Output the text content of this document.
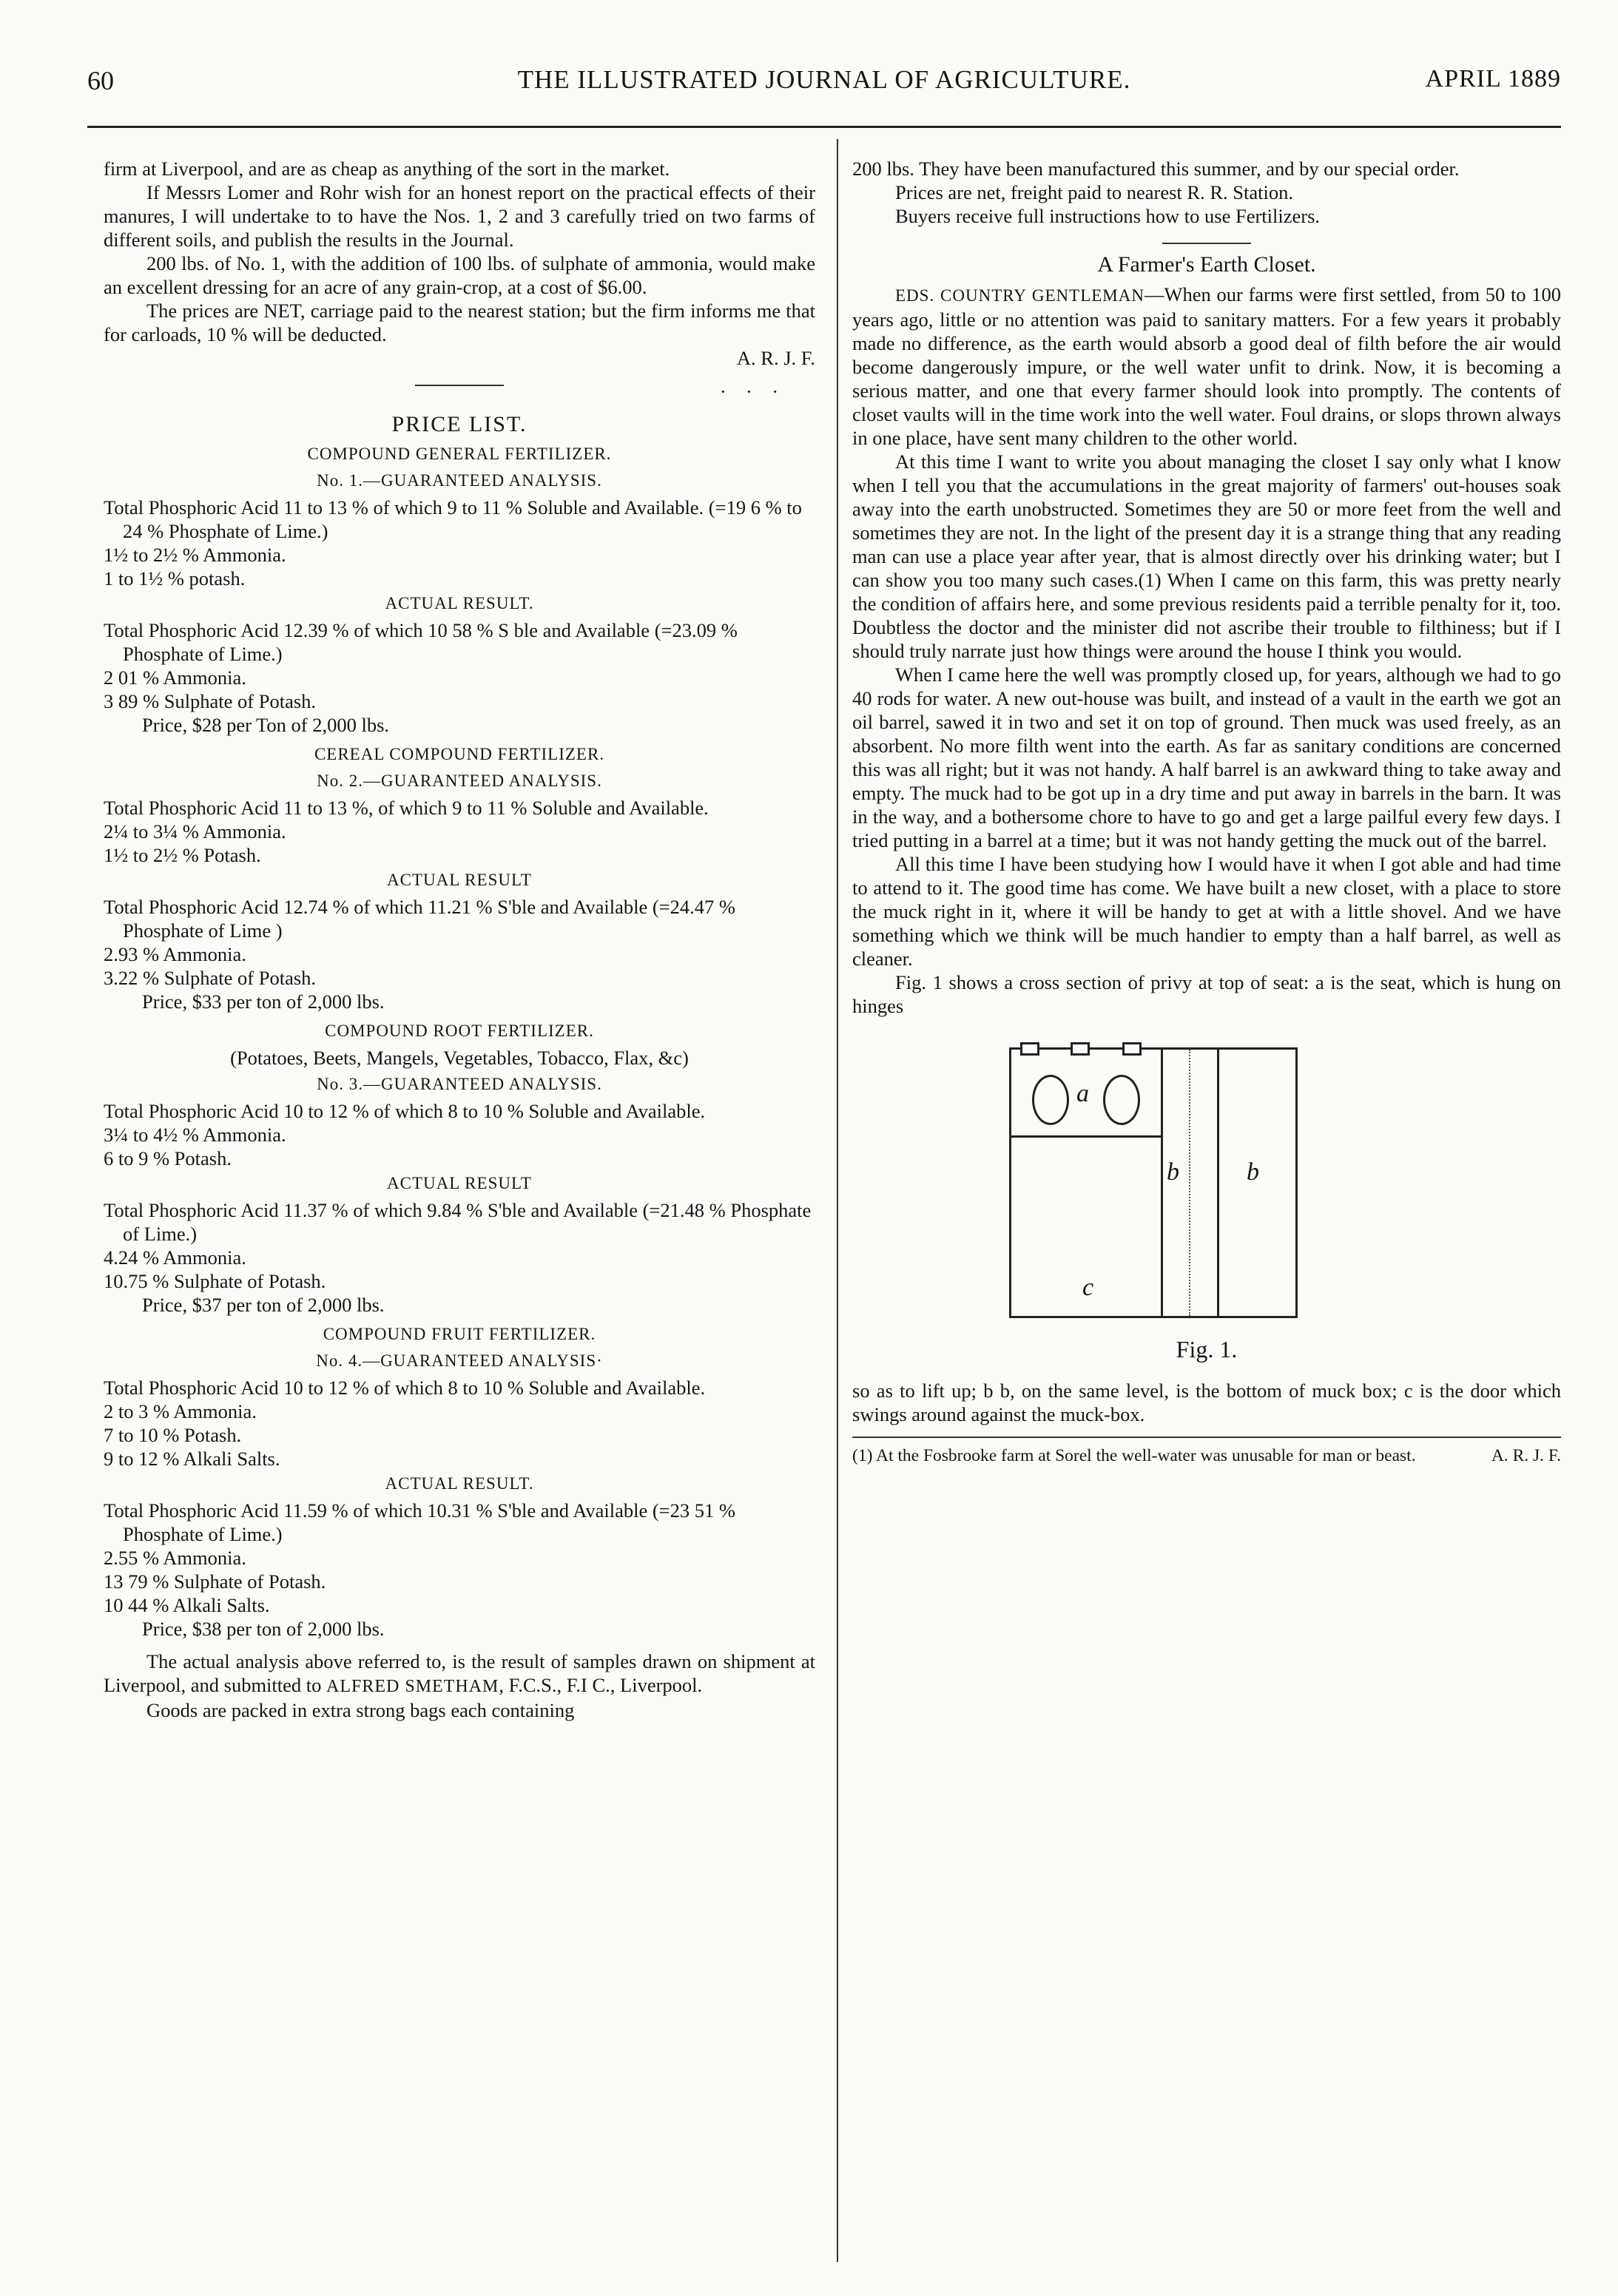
60	THE ILLUSTRATED JOURNAL OF AGRICULTURE.	APRIL 1889

firm at Liverpool, and are as cheap as anything of the sort in the market.

If Messrs Lomer and Rohr wish for an honest report on the practical effects of their manures, I will undertake to to have the Nos. 1, 2 and 3 carefully tried on two farms of different soils, and publish the results in the Journal.

200 lbs. of No. 1, with the addition of 100 lbs. of sulphate of ammonia, would make an excellent dressing for an acre of any grain-crop, at a cost of $6.00.

The prices are NET, carriage paid to the nearest station; but the firm informs me that for carloads, 10 % will be deducted.

A. R. J. F.

· · ·
PRICE LIST.
COMPOUND GENERAL FERTILIZER.
No. 1.—GUARANTEED ANALYSIS.
Total Phosphoric Acid 11 to 13 % of which 9 to 11 % Soluble and Available. (=19 6 % to 24 % Phosphate of Lime.)
1½ to 2½ % Ammonia.
1 to 1½ % potash.
ACTUAL RESULT.
Total Phosphoric Acid 12.39 % of which 10 58 % S ble and Available (=23.09 % Phosphate of Lime.)
2 01 % Ammonia.
3 89 % Sulphate of Potash.
Price, $28 per Ton of 2,000 lbs.
CEREAL COMPOUND FERTILIZER.
No. 2.—GUARANTEED ANALYSIS.
Total Phosphoric Acid 11 to 13 %, of which 9 to 11 % Soluble and Available.
2¼ to 3¼ % Ammonia.
1½ to 2½ % Potash.
ACTUAL RESULT
Total Phosphoric Acid 12.74 % of which 11.21 % S'ble and Available (=24.47 % Phosphate of Lime )
2.93 % Ammonia.
3.22 % Sulphate of Potash.
Price, $33 per ton of 2,000 lbs.
COMPOUND ROOT FERTILIZER.
(Potatoes, Beets, Mangels, Vegetables, Tobacco, Flax, &c)
No. 3.—GUARANTEED ANALYSIS.
Total Phosphoric Acid 10 to 12 % of which 8 to 10 % Soluble and Available.
3¼ to 4½ % Ammonia.
6 to 9 % Potash.
ACTUAL RESULT
Total Phosphoric Acid 11.37 % of which 9.84 % S'ble and Available (=21.48 % Phosphate of Lime.)
4.24 % Ammonia.
10.75 % Sulphate of Potash.
Price, $37 per ton of 2,000 lbs.
COMPOUND FRUIT FERTILIZER.
No. 4.—GUARANTEED ANALYSIS·
Total Phosphoric Acid 10 to 12 % of which 8 to 10 % Soluble and Available.
2 to 3 % Ammonia.
7 to 10 % Potash.
9 to 12 % Alkali Salts.
ACTUAL RESULT.
Total Phosphoric Acid 11.59 % of which 10.31 % S'ble and Available (=23 51 % Phosphate of Lime.)
2.55 % Ammonia.
13 79 % Sulphate of Potash.
10 44 % Alkali Salts.
Price, $38 per ton of 2,000 lbs.

The actual analysis above referred to, is the result of samples drawn on shipment at Liverpool, and submitted to ALFRED SMETHAM, F.C.S., F.I C., Liverpool.

Goods are packed in extra strong bags each containing

200 lbs. They have been manufactured this summer, and by our special order.

Prices are net, freight paid to nearest R. R. Station.

Buyers receive full instructions how to use Fertilizers.

A Farmer's Earth Closet.

EDS. COUNTRY GENTLEMAN—When our farms were first settled, from 50 to 100 years ago, little or no attention was paid to sanitary matters. For a few years it probably made no difference, as the earth would absorb a good deal of filth before the air would become dangerously impure, or the well water unfit to drink. Now, it is becoming a serious matter, and one that every farmer should look into promptly. The contents of closet vaults will in the time work into the well water. Foul drains, or slops thrown always in one place, have sent many children to the other world.

At this time I want to write you about managing the closet I say only what I know when I tell you that the accumulations in the great majority of farmers' out-houses soak away into the earth unobstructed. Sometimes they are 50 or more feet from the well and sometimes they are not. In the light of the present day it is a strange thing that any reading man can use a place year after year, that is almost directly over his drinking water; but I can show you too many such cases.(1) When I came on this farm, this was pretty nearly the condition of affairs here, and some previous residents paid a terrible penalty for it, too. Doubtless the doctor and the minister did not ascribe their trouble to filthiness; but if I should truly narrate just how things were around the house I think you would.

When I came here the well was promptly closed up, for years, although we had to go 40 rods for water. A new out-house was built, and instead of a vault in the earth we got an oil barrel, sawed it in two and set it on top of ground. Then muck was used freely, as an absorbent. No more filth went into the earth. As far as sanitary conditions are concerned this was all right; but it was not handy. A half barrel is an awkward thing to take away and empty. The muck had to be got up in a dry time and put away in barrels in the barn. It was in the way, and a bothersome chore to have to go and get a large pailful every few days. I tried putting in a barrel at a time; but it was not handy getting the muck out of the barrel.

All this time I have been studying how I would have it when I got able and had time to attend to it. The good time has come. We have built a new closet, with a place to store the muck right in it, where it will be handy to get at with a little shovel. And we have something which we think will be much handier to empty than a half barrel, as well as cleaner.

Fig. 1 shows a cross section of privy at top of seat: a is the seat, which is hung on hinges

a
b	b
c
Fig. 1.

so as to lift up; b b, on the same level, is the bottom of muck box; c is the door which swings around against the muck-box.

(1) At the Fosbrooke farm at Sorel the well-water was unusable for man or beast.	A. R. J. F.
